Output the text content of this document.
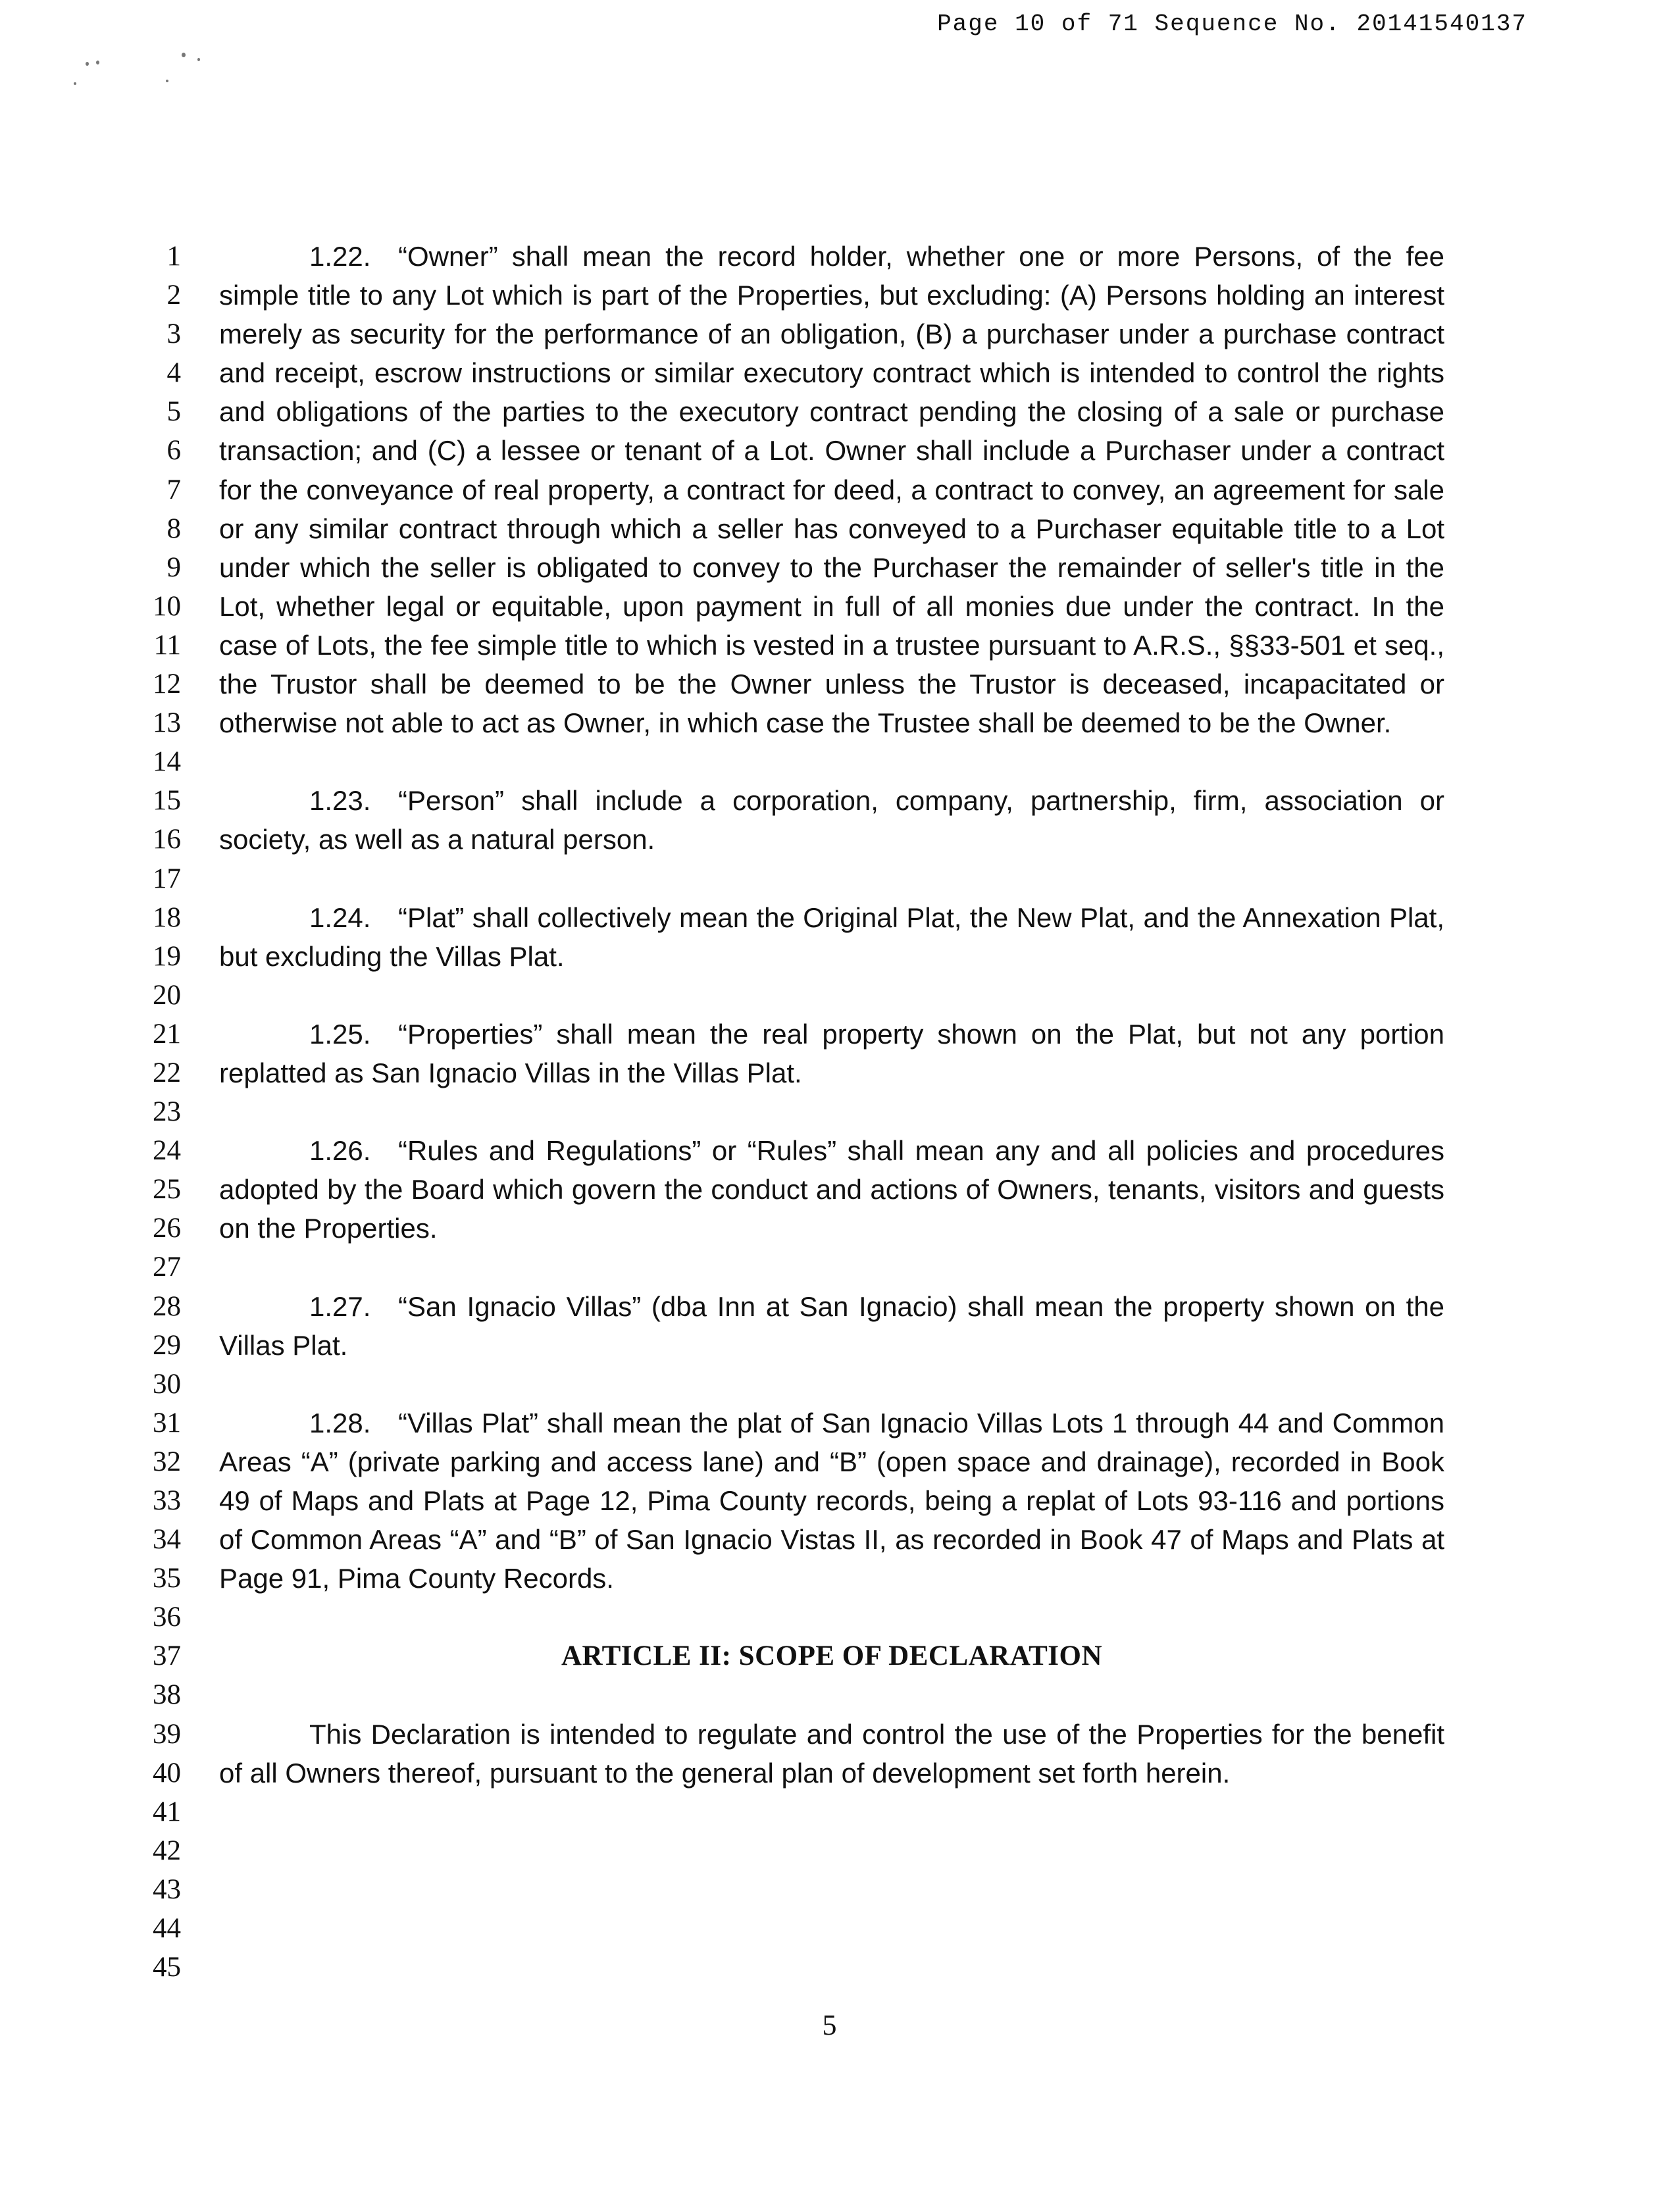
Page 10 of 71 Sequence No. 20141540137
1
2
3
4
5
6
7
8
9
10
11
12
13
14
15
16
17
18
19
20
21
22
23
24
25
26
27
28
29
30
31
32
33
34
35
36
37
38
39
40
41
42
43
44
45

1.22. “Owner” shall mean the record holder, whether one or more Persons, of the fee simple title to any Lot which is part of the Properties, but excluding: (A) Persons holding an interest merely as security for the performance of an obligation, (B) a purchaser under a purchase contract and receipt, escrow instructions or similar executory contract which is intended to control the rights and obligations of the parties to the executory contract pending the closing of a sale or purchase transaction; and (C) a lessee or tenant of a Lot. Owner shall include a Purchaser under a contract for the conveyance of real property, a contract for deed, a contract to convey, an agreement for sale or any similar contract through which a seller has conveyed to a Purchaser equitable title to a Lot under which the seller is obligated to convey to the Purchaser the remainder of seller's title in the Lot, whether legal or equitable, upon payment in full of all monies due under the contract. In the case of Lots, the fee simple title to which is vested in a trustee pursuant to A.R.S., §§33-501 et seq., the Trustor shall be deemed to be the Owner unless the Trustor is deceased, incapacitated or otherwise not able to act as Owner, in which case the Trustee shall be deemed to be the Owner.

1.23. “Person” shall include a corporation, company, partnership, firm, association or society, as well as a natural person.

1.24. “Plat” shall collectively mean the Original Plat, the New Plat, and the Annexation Plat, but excluding the Villas Plat.

1.25. “Properties” shall mean the real property shown on the Plat, but not any portion replatted as San Ignacio Villas in the Villas Plat.

1.26. “Rules and Regulations” or “Rules” shall mean any and all policies and procedures adopted by the Board which govern the conduct and actions of Owners, tenants, visitors and guests on the Properties.

1.27. “San Ignacio Villas” (dba Inn at San Ignacio) shall mean the property shown on the Villas Plat.

1.28. “Villas Plat” shall mean the plat of San Ignacio Villas Lots 1 through 44 and Common Areas “A” (private parking and access lane) and “B” (open space and drainage), recorded in Book 49 of Maps and Plats at Page 12, Pima County records, being a replat of Lots 93-116 and portions of Common Areas “A” and “B” of San Ignacio Vistas II, as recorded in Book 47 of Maps and Plats at Page 91, Pima County Records.

ARTICLE II: SCOPE OF DECLARATION

This Declaration is intended to regulate and control the use of the Properties for the benefit of all Owners thereof, pursuant to the general plan of development set forth herein.

5
